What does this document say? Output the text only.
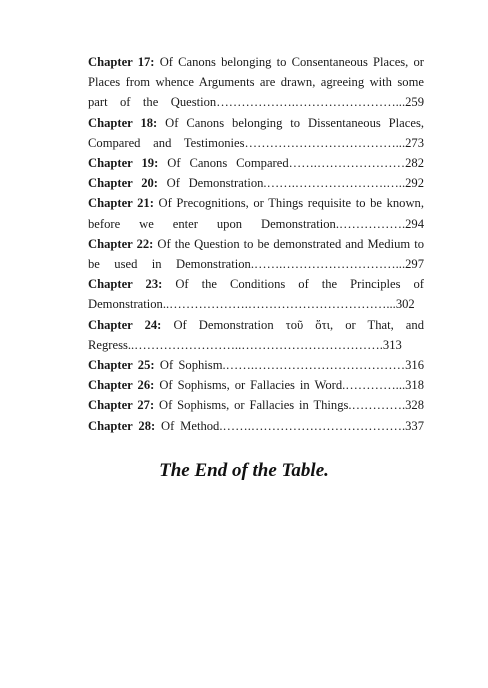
Chapter 17: Of Canons belonging to Consentaneous Places, or Places from whence Arguments are drawn, agreeing with some part of the Question……………….……………………...259
Chapter 18: Of Canons belonging to Dissentaneous Places, Compared and Testimonies………………………………...273
Chapter 19: Of Canons Compared…….…………………282
Chapter 20: Of Demonstration.…….………………….…..292
Chapter 21: Of Precognitions, or Things requisite to be known, before we enter upon Demonstration.…………….294
Chapter 22: Of the Question to be demonstrated and Medium to be used in Demonstration.…….………………………...297
Chapter 23: Of the Conditions of the Principles of Demonstration..……………….……………………………...302
Chapter 24: Of Demonstration τοῦ ὅτι, or That, and Regress..……………………..…………………………….313
Chapter 25: Of Sophism.…….………………………………316
Chapter 26: Of Sophisms, or Fallacies in Word.…………...318
Chapter 27: Of Sophisms, or Fallacies in Things.………….328
Chapter 28: Of Method.…….……………………………….337
The End of the Table.
